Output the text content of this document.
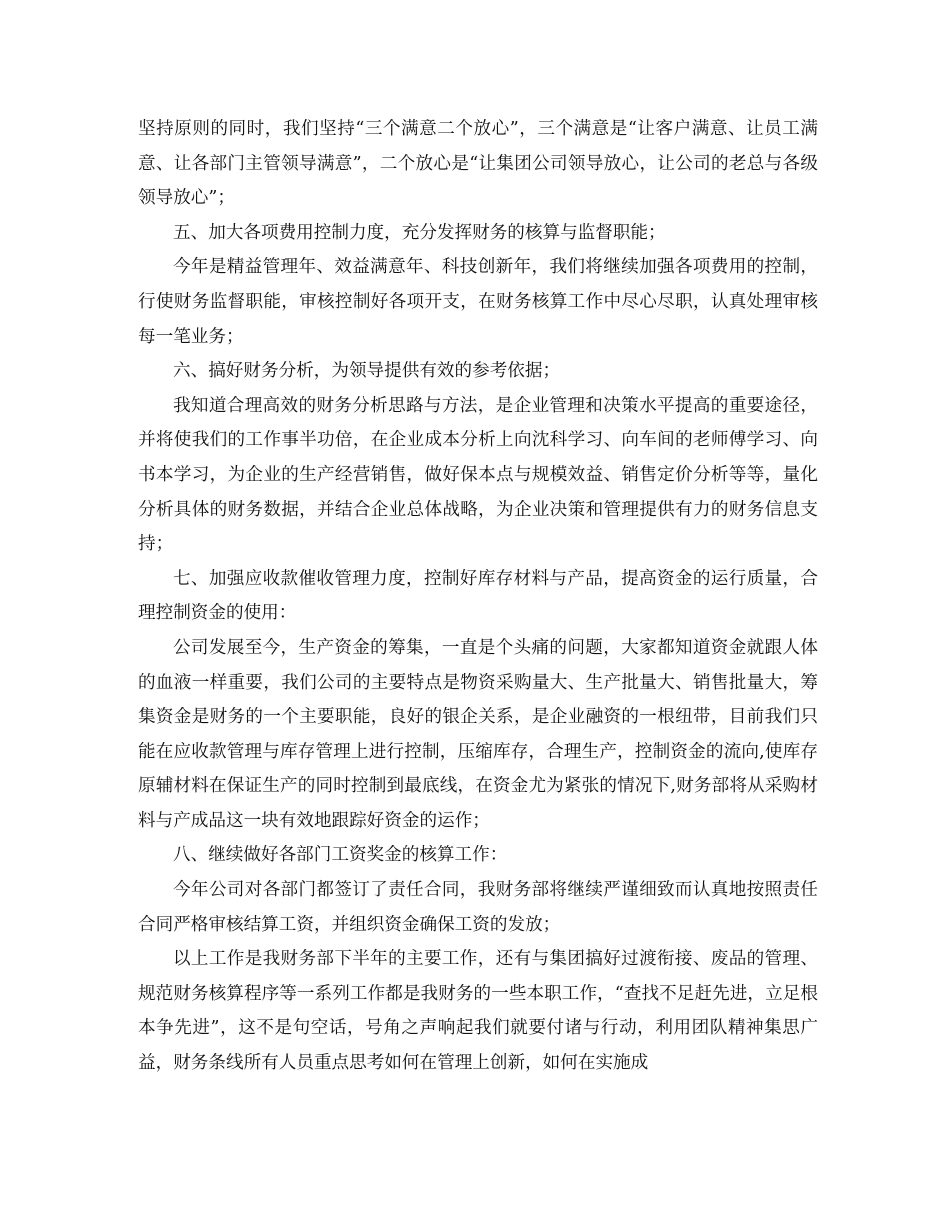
坚持原则的同时，我们坚持“三个满意二个放心”，三个满意是“让客户满意、让员工满意、让各部门主管领导满意”，二个放心是“让集团公司领导放心，让公司的老总与各级领导放心”；

五、加大各项费用控制力度，充分发挥财务的核算与监督职能；

今年是精益管理年、效益满意年、科技创新年，我们将继续加强各项费用的控制，行使财务监督职能，审核控制好各项开支，在财务核算工作中尽心尽职，认真处理审核每一笔业务；

六、搞好财务分析，为领导提供有效的参考依据；

我知道合理高效的财务分析思路与方法，是企业管理和决策水平提高的重要途径，并将使我们的工作事半功倍，在企业成本分析上向沈科学习、向车间的老师傅学习、向书本学习，为企业的生产经营销售，做好保本点与规模效益、销售定价分析等等，量化分析具体的财务数据，并结合企业总体战略，为企业决策和管理提供有力的财务信息支持；

七、加强应收款催收管理力度，控制好库存材料与产品，提高资金的运行质量，合理控制资金的使用：

公司发展至今，生产资金的筹集，一直是个头痛的问题，大家都知道资金就跟人体的血液一样重要，我们公司的主要特点是物资采购量大、生产批量大、销售批量大，筹集资金是财务的一个主要职能，良好的银企关系，是企业融资的一根纽带，目前我们只能在应收款管理与库存管理上进行控制，压缩库存，合理生产，控制资金的流向,使库存原辅材料在保证生产的同时控制到最底线，在资金尤为紧张的情况下,财务部将从采购材料与产成品这一块有效地跟踪好资金的运作；

八、继续做好各部门工资奖金的核算工作：

今年公司对各部门都签订了责任合同，我财务部将继续严谨细致而认真地按照责任合同严格审核结算工资，并组织资金确保工资的发放；

以上工作是我财务部下半年的主要工作，还有与集团搞好过渡衔接、废品的管理、规范财务核算程序等一系列工作都是我财务的一些本职工作，“查找不足赶先进，立足根本争先进”，这不是句空话，号角之声响起我们就要付诸与行动，利用团队精神集思广益，财务条线所有人员重点思考如何在管理上创新，如何在实施成
